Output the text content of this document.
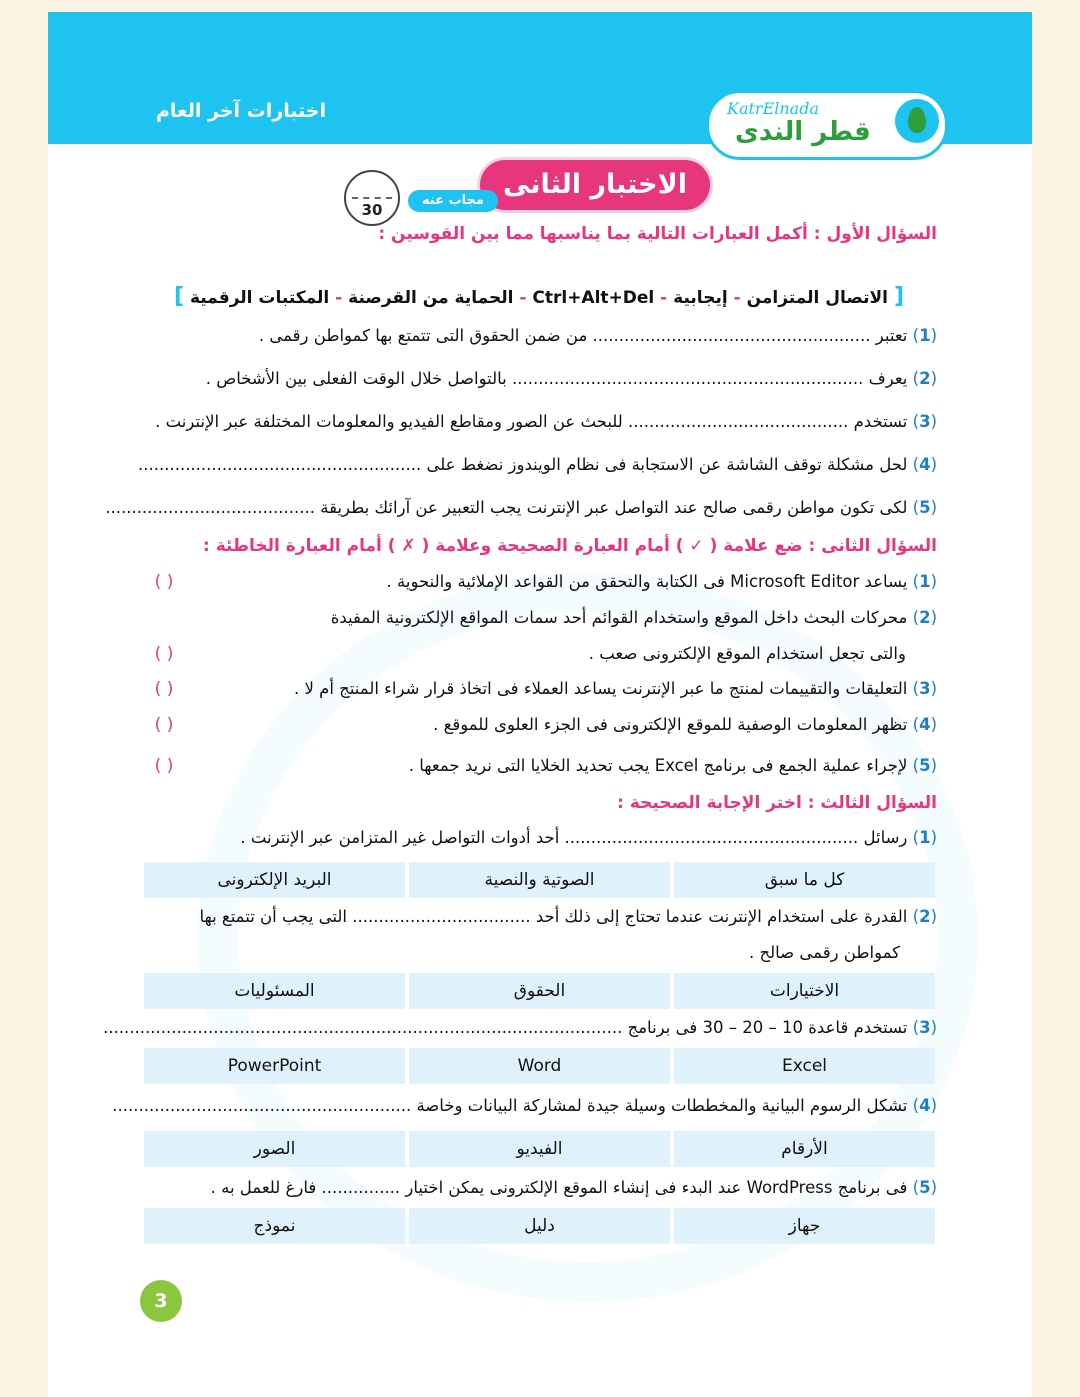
اختبارات آخر العام	KatrElnada
قطر الندى
الاختبار الثانى
مجاب عنه
30
السؤال الأول : أكمل العبارات التالية بما يناسبها مما بين القوسين :
[ الاتصال المتزامن - إيجابية - Ctrl+Alt+Del - الحماية من القرصنة - المكتبات الرقمية ]
(1) تعتبر ..................................................... من ضمن الحقوق التى تتمتع بها كمواطن رقمى .
(2) يعرف ................................................................... بالتواصل خلال الوقت الفعلى بين الأشخاص .
(3) تستخدم .......................................... للبحث عن الصور ومقاطع الفيديو والمعلومات المختلفة عبر الإنترنت .
(4) لحل مشكلة توقف الشاشة عن الاستجابة فى نظام الويندوز نضغط على ......................................................
(5) لكى تكون مواطن رقمى صالح عند التواصل عبر الإنترنت يجب التعبير عن آرائك بطريقة ........................................
السؤال الثانى : ضع علامة ( ✓ ) أمام العبارة الصحيحة وعلامة ( ✗ ) أمام العبارة الخاطئة :
(1) يساعد Microsoft Editor فى الكتابة والتحقق من القواعد الإملائية والنحوية .
( )
(2) محركات البحث داخل الموقع واستخدام القوائم أحد سمات المواقع الإلكترونية المفيدة
والتى تجعل استخدام الموقع الإلكترونى صعب .
( )
(3) التعليقات والتقييمات لمنتج ما عبر الإنترنت يساعد العملاء فى اتخاذ قرار شراء المنتج أم لا .
( )
(4) تظهر المعلومات الوصفية للموقع الإلكترونى فى الجزء العلوى للموقع .
( )
(5) لإجراء عملية الجمع فى برنامج Excel يجب تحديد الخلايا التى نريد جمعها .
( )
السؤال الثالث : اختر الإجابة الصحيحة :
(1) رسائل ........................................................ أحد أدوات التواصل غير المتزامن عبر الإنترنت .
البريد الإلكترونى	الصوتية والنصية	كل ما سبق
(2) القدرة على استخدام الإنترنت عندما تحتاج إلى ذلك أحد .................................. التى يجب أن تتمتع بها
كمواطن رقمى صالح .
المسئوليات	الحقوق	الاختيارات
(3) تستخدم قاعدة 10 – 20 – 30 فى برنامج ...................................................................................................
PowerPoint	Word	Excel
(4) تشكل الرسوم البيانية والمخططات وسيلة جيدة لمشاركة البيانات وخاصة .........................................................
الصور	الفيديو	الأرقام
(5) فى برنامج WordPress عند البدء فى إنشاء الموقع الإلكترونى يمكن اختيار ............... فارغ للعمل به .
نموذج	دليل	جهاز
3
